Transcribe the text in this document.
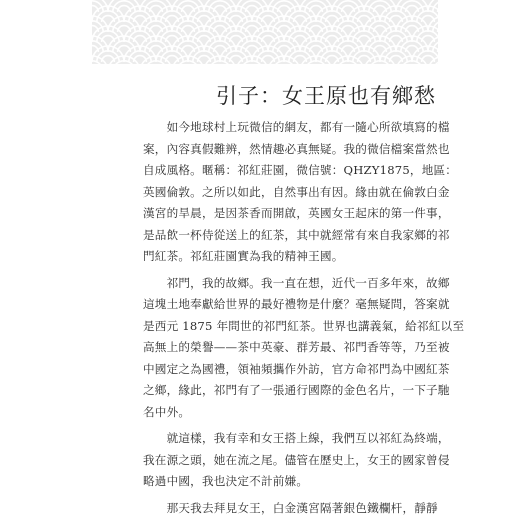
引子：女王原也有鄉愁
　　如今地球村上玩微信的網友，都有一隨心所欲填寫的檔
案，內容真假難辨，然情趣必真無疑。我的微信檔案當然也
自成風格。暱稱：祁紅莊園，微信號：QHZY1875，地區：
英國倫敦。之所以如此，自然事出有因。緣由就在倫敦白金
漢宮的旱晨，是因茶香而開啟，英國女王起床的第一件事，
是品飲一杯侍從送上的紅茶，其中就經常有來自我家鄉的祁
門紅茶。祁紅莊園實為我的精神王國。
　　祁門，我的故鄉。我一直在想，近代一百多年來，故鄉
這塊土地奉獻給世界的最好禮物是什麼？毫無疑問，答案就
是西元 1875 年問世的祁門紅茶。世界也講義氣，給祁紅以至
高無上的榮譽——茶中英豪、群芳最、祁門香等等，乃至被
中國定之為國禮，領袖頻攜作外訪，官方命祁門為中國紅茶
之鄉，緣此，祁門有了一張通行國際的金色名片，一下子馳
名中外。
　　就這樣，我有幸和女王搭上線，我們互以祁紅為終端，
我在源之頭，她在流之尾。儘管在歷史上，女王的國家曾侵
略過中國，我也決定不計前嫌。
　　那天我去拜見女王，白金漢宮隔著銀色鐵欄杆，靜靜
